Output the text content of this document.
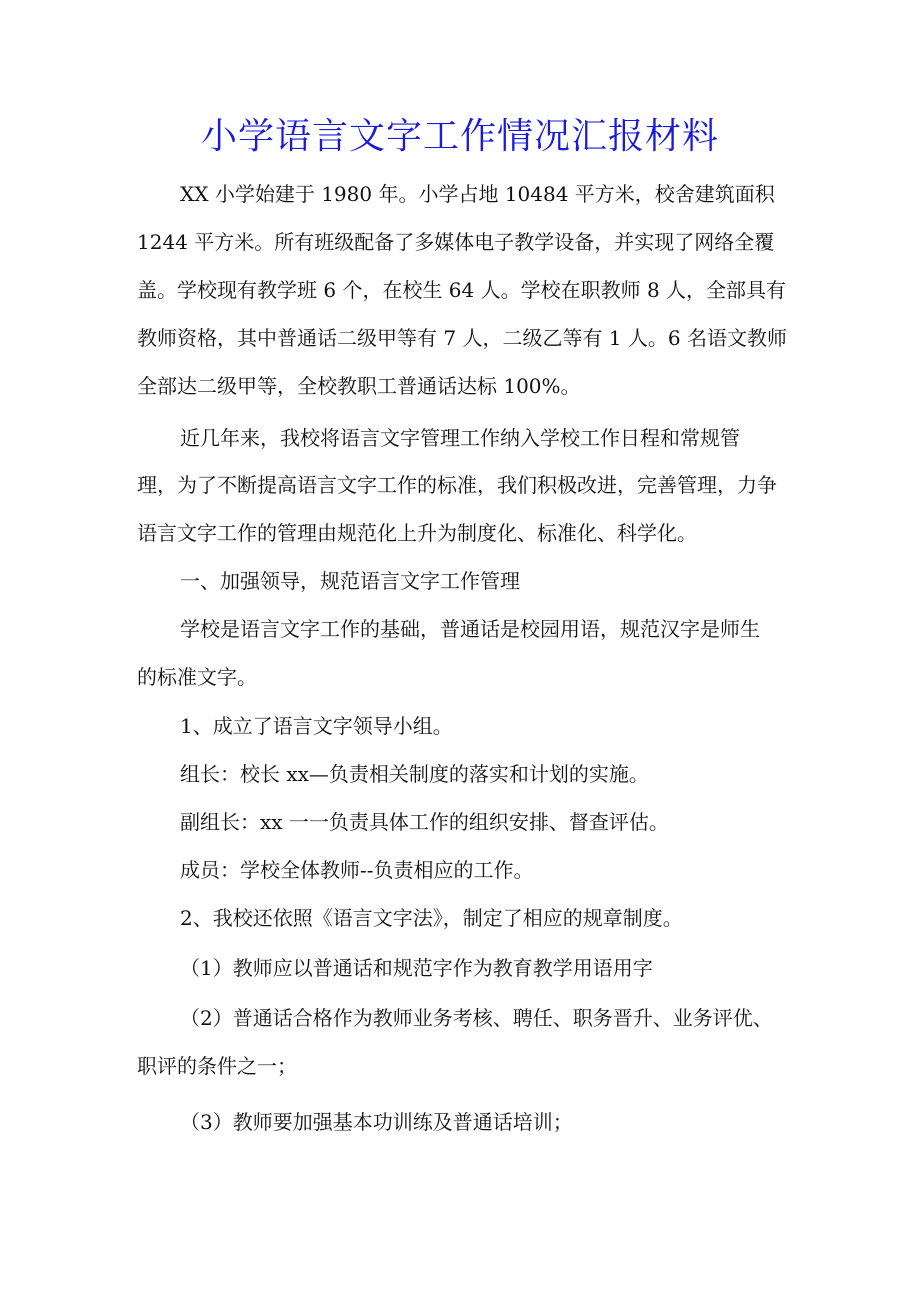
小学语言文字工作情况汇报材料

XX 小学始建于 1980 年。小学占地 10484 平方米，校舍建筑面积

1244 平方米。所有班级配备了多媒体电子教学设备，并实现了网络全覆

盖。学校现有教学班 6 个，在校生 64 人。学校在职教师 8 人，全部具有

教师资格，其中普通话二级甲等有 7 人，二级乙等有 1 人。6 名语文教师

全部达二级甲等，全校教职工普通话达标 100%。

近几年来，我校将语言文字管理工作纳入学校工作日程和常规管

理，为了不断提高语言文字工作的标准，我们积极改进，完善管理，力争

语言文字工作的管理由规范化上升为制度化、标准化、科学化。

一、加强领导，规范语言文字工作管理

学校是语言文字工作的基础，普通话是校园用语，规范汉字是师生

的标准文字。

1、成立了语言文字领导小组。

组长：校长 xx—负责相关制度的落实和计划的实施。

副组长：xx 一一负责具体工作的组织安排、督查评估。

成员：学校全体教师--负责相应的工作。

2、我校还依照《语言文字法》，制定了相应的规章制度。

（1）教师应以普通话和规范字作为教育教学用语用字

（2）普通话合格作为教师业务考核、聘任、职务晋升、业务评优、

职评的条件之一；

（3）教师要加强基本功训练及普通话培训；
